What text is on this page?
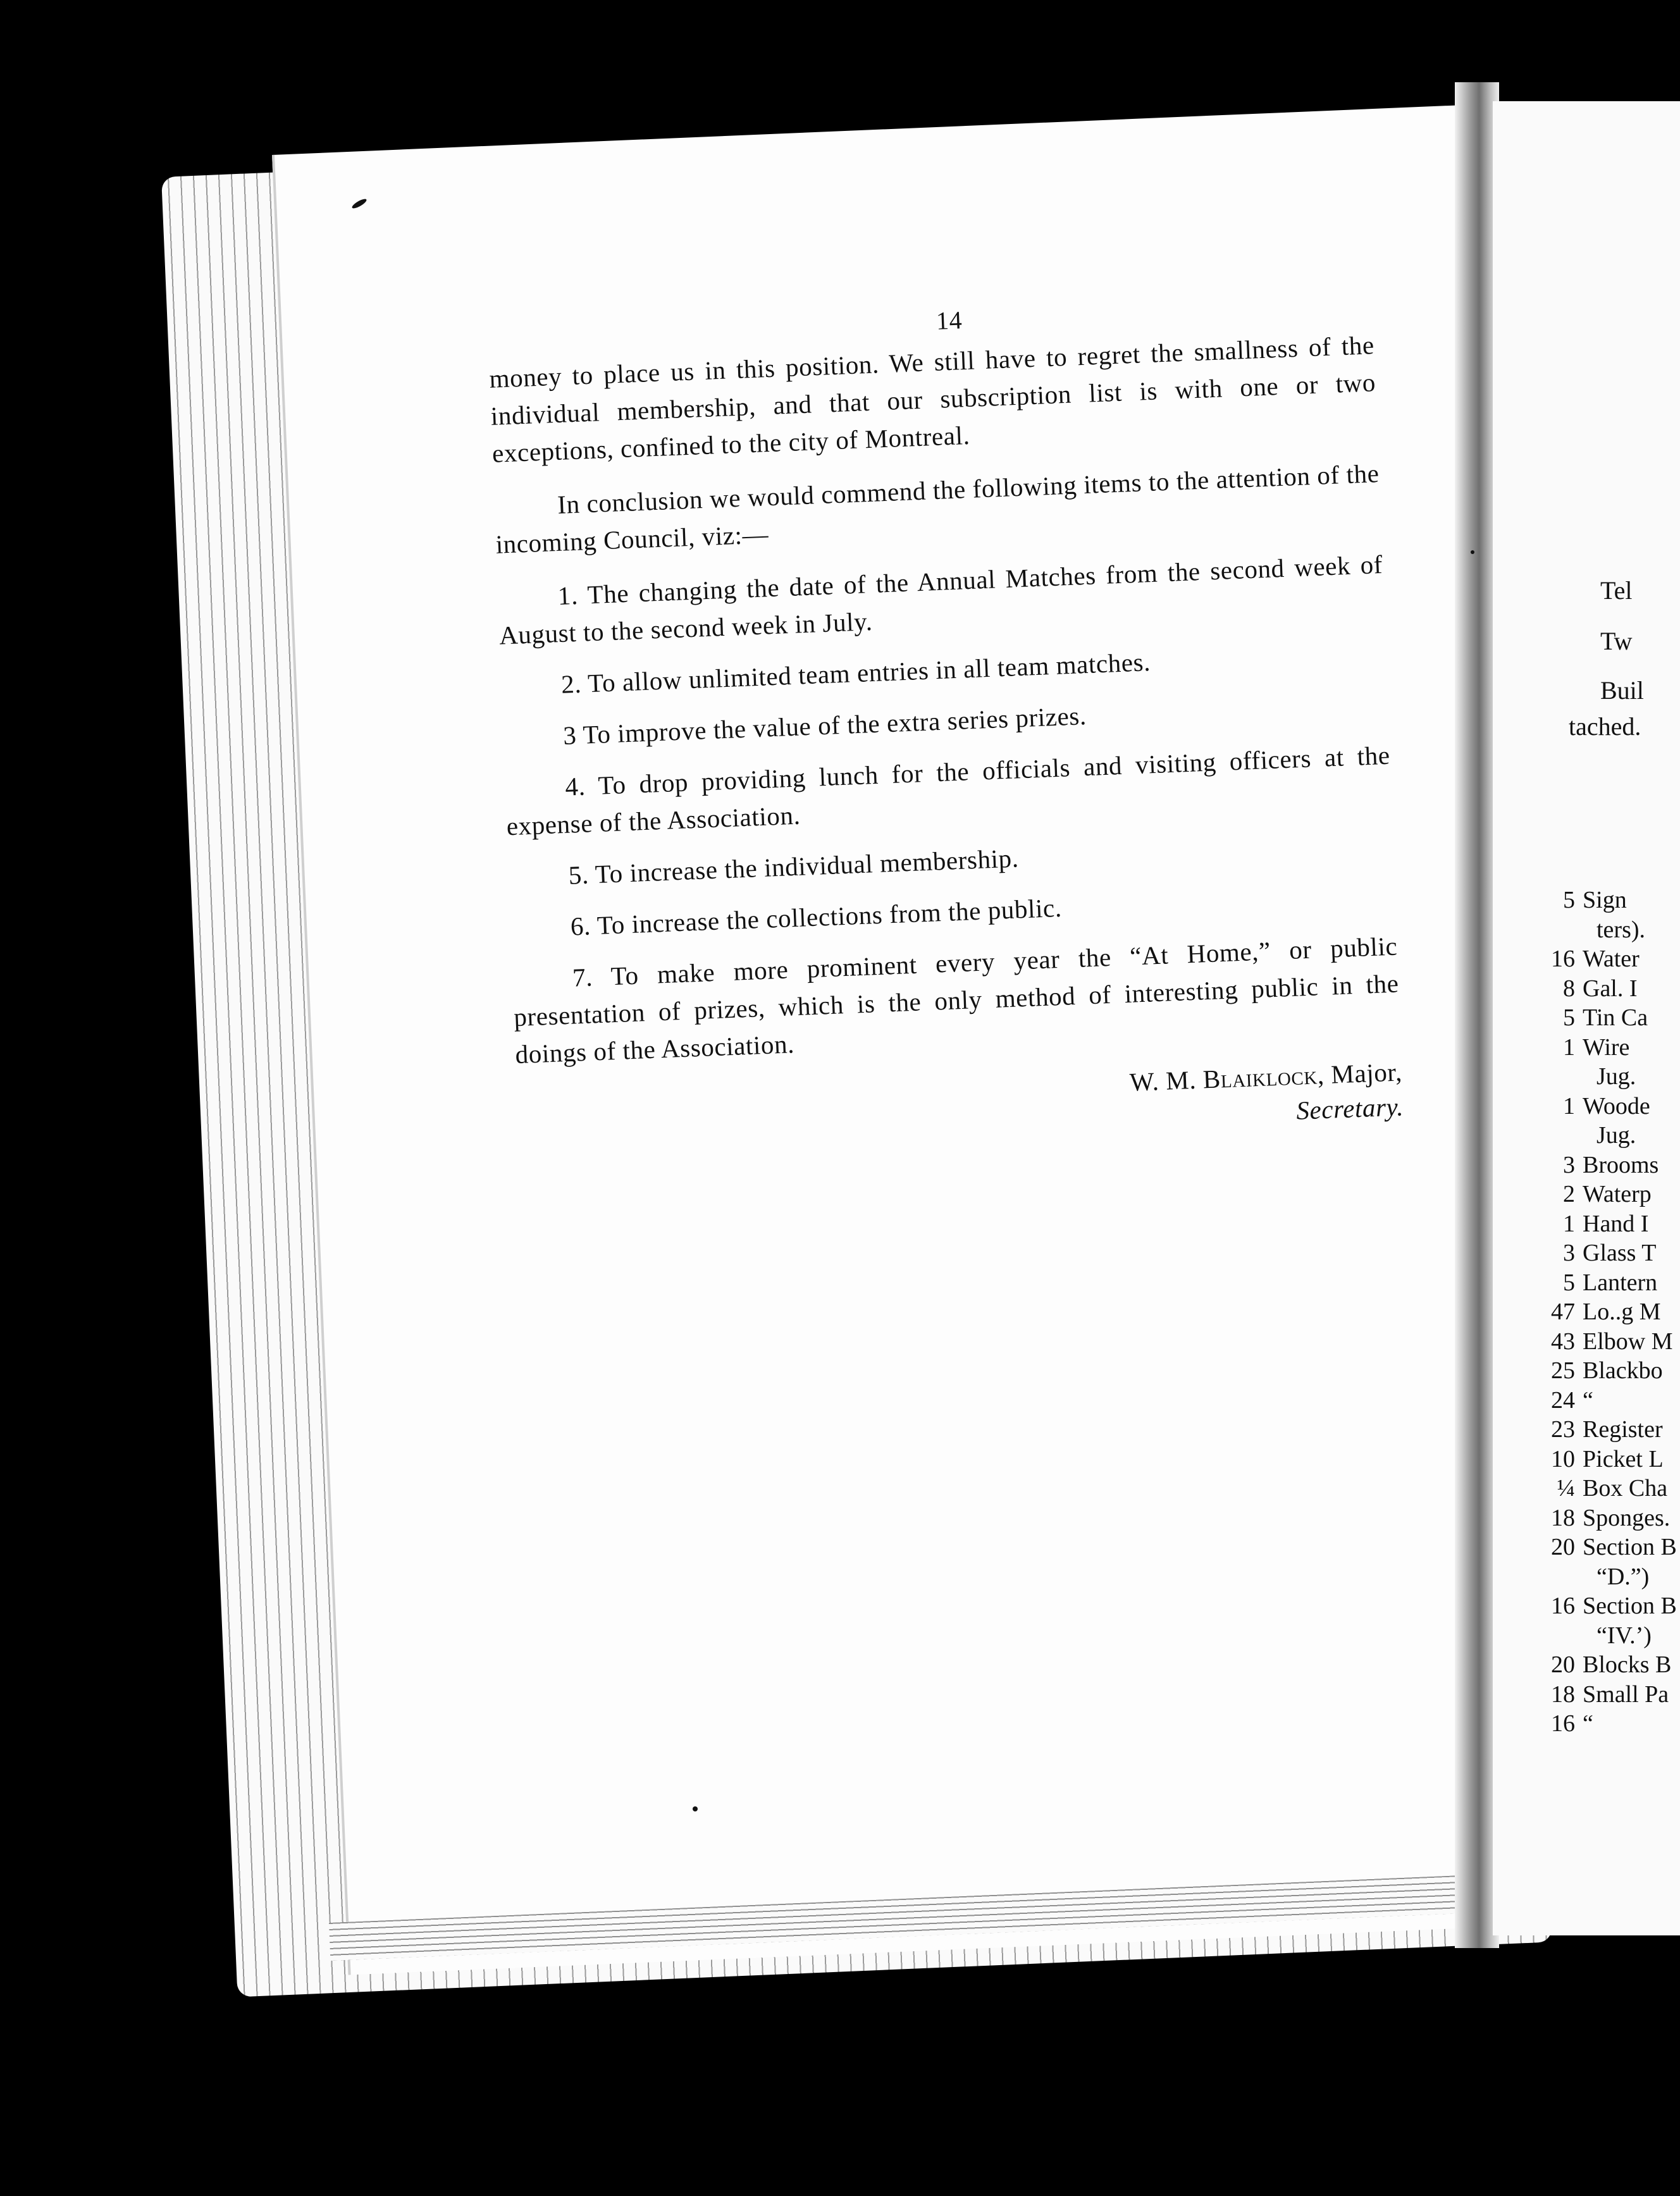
14

money to place us in this position. We still have to regret the smallness of the individual membership, and that our subscription list is with one or two exceptions, confined to the city of Montreal.

In conclusion we would commend the following items to the attention of the incoming Council, viz:—

1. The changing the date of the Annual Matches from the second week of August to the second week in July.

2. To allow unlimited team entries in all team matches.

3 To improve the value of the extra series prizes.

4. To drop providing lunch for the officials and visiting officers at the expense of the Association.

5. To increase the individual membership.

6. To increase the collections from the public.

7. To make more prominent every year the “At Home,” or public presentation of prizes, which is the only method of interesting public in the doings of the Association.

W. M. Blaiklock, Major,
Secretary.
Tel
Tw
Buil
tached.
5 Sign
ters).
16 Water
8 Gal. I
5 Tin Ca
1 Wire
Jug.
1 Woode
Jug.
3 Brooms
2 Waterp
1 Hand I
3 Glass T
5 Lantern
47 Lo..g M
43 Elbow M
25 Blackbo
24 “
23 Register
10 Picket L
¼ Box Cha
18 Sponges.
20 Section B
“D.”)
16 Section B
“IV.’)
20 Blocks B
18 Small Pa
16 “
